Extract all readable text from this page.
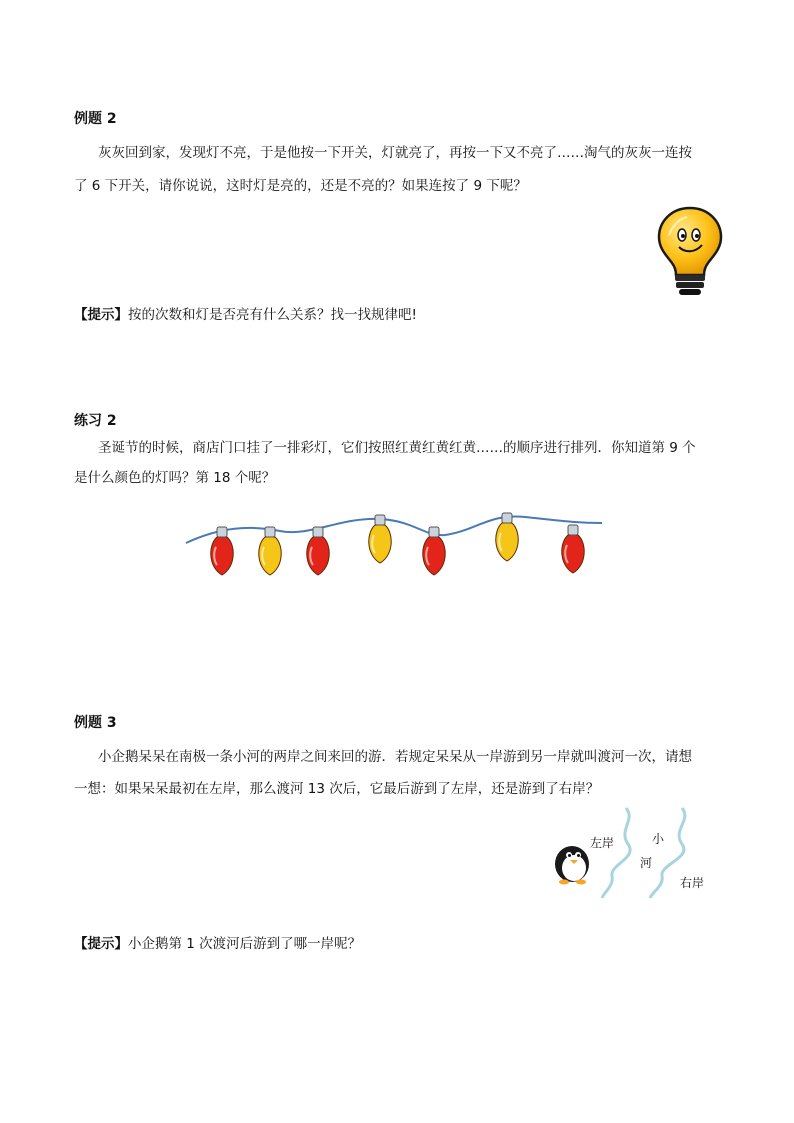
例题 2
灰灰回到家，发现灯不亮，于是他按一下开关，灯就亮了，再按一下又不亮了……淘气的灰灰一连按
了 6 下开关，请你说说，这时灯是亮的，还是不亮的？如果连按了 9 下呢？
【提示】按的次数和灯是否亮有什么关系？找一找规律吧!
练习 2
圣诞节的时候，商店门口挂了一排彩灯，它们按照红黄红黄红黄……的顺序进行排列．你知道第 9 个
是什么颜色的灯吗？第 18 个呢？
例题 3
小企鹅呆呆在南极一条小河的两岸之间来回的游．若规定呆呆从一岸游到另一岸就叫渡河一次，请想
一想：如果呆呆最初在左岸，那么渡河 13 次后，它最后游到了左岸，还是游到了右岸？
左岸	小
河
右岸
【提示】小企鹅第 1 次渡河后游到了哪一岸呢？
